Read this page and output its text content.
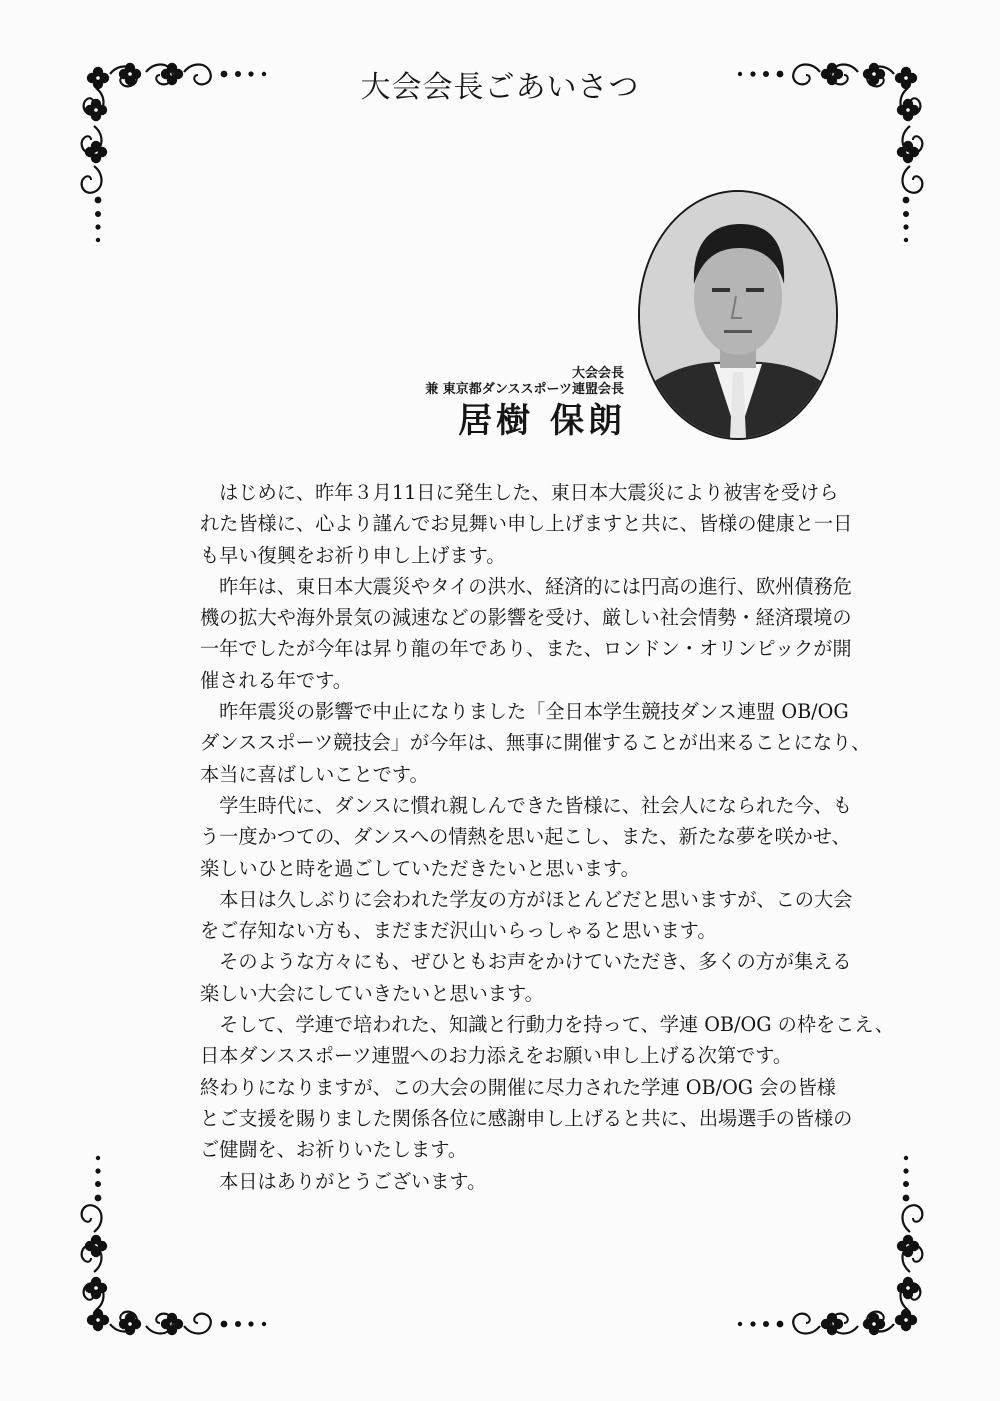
大会会長ごあいさつ
大会会長
兼 東京都ダンススポーツ連盟会長
居樹 保朗
　はじめに、昨年３月11日に発生した、東日本大震災により被害を受けら
れた皆様に、心より謹んでお見舞い申し上げますと共に、皆様の健康と一日
も早い復興をお祈り申し上げます。
　昨年は、東日本大震災やタイの洪水、経済的には円高の進行、欧州債務危
機の拡大や海外景気の減速などの影響を受け、厳しい社会情勢・経済環境の
一年でしたが今年は昇り龍の年であり、また、ロンドン・オリンピックが開
催される年です。
　昨年震災の影響で中止になりました「全日本学生競技ダンス連盟 OB/OG
ダンススポーツ競技会」が今年は、無事に開催することが出来ることになり、
本当に喜ばしいことです。
　学生時代に、ダンスに慣れ親しんできた皆様に、社会人になられた今、も
う一度かつての、ダンスへの情熱を思い起こし、また、新たな夢を咲かせ、
楽しいひと時を過ごしていただきたいと思います。
　本日は久しぶりに会われた学友の方がほとんどだと思いますが、この大会
をご存知ない方も、まだまだ沢山いらっしゃると思います。
　そのような方々にも、ぜひともお声をかけていただき、多くの方が集える
楽しい大会にしていきたいと思います。
　そして、学連で培われた、知識と行動力を持って、学連 OB/OG の枠をこえ、
日本ダンススポーツ連盟へのお力添えをお願い申し上げる次第です。
終わりになりますが、この大会の開催に尽力された学連 OB/OG 会の皆様
とご支援を賜りました関係各位に感謝申し上げると共に、出場選手の皆様の
ご健闘を、お祈りいたします。
　本日はありがとうございます。
